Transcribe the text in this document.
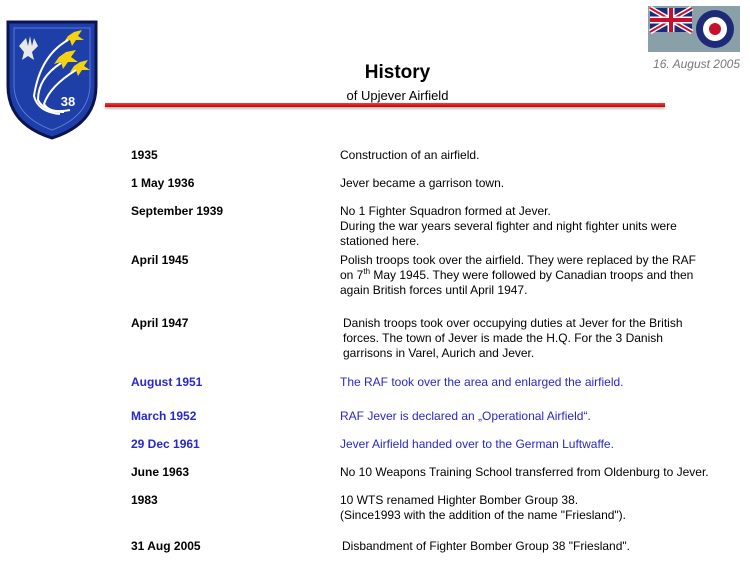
38
16. August 2005
History
of Upjever Airfield
1935	Construction of an airfield.
1 May 1936	Jever became a garrison town.
September 1939	No 1 Fighter Squadron formed at Jever.
During the war years several fighter and night fighter units were stationed here.
April 1945	Polish troops took over the airfield. They were replaced by the RAF on 7th May 1945. They were followed by Canadian troops and then again British forces until April 1947.
April 1947	Danish troops took over occupying duties at Jever for the British forces. The town of Jever is made the H.Q. For the 3 Danish garrisons in Varel, Aurich and Jever.
August 1951	The RAF took over the area and enlarged the airfield.
March 1952	RAF Jever is declared an „Operational Airfield“.
29 Dec 1961	Jever Airfield handed over to the German Luftwaffe.
June 1963	No 10 Weapons Training School transferred from Oldenburg to Jever.
1983	10 WTS renamed Highter Bomber Group 38.
(Since1993 with the addition of the name "Friesland").
31 Aug 2005	Disbandment of Fighter Bomber Group 38 "Friesland".
